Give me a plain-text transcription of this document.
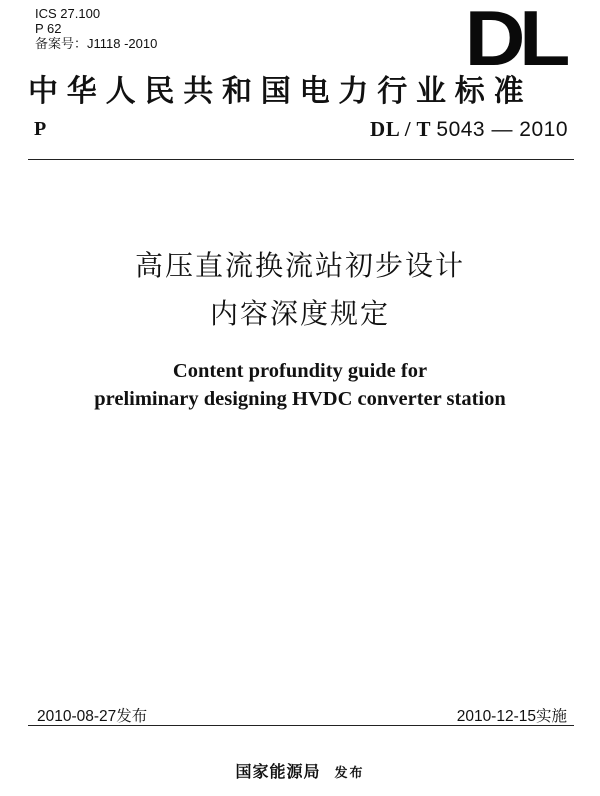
ICS 27.100
P 62
备案号：J1118 -2010	DL
中华人民共和国电力行业标准
P	DL / T 5043 — 2010
高压直流换流站初步设计
内容深度规定
Content profundity guide for
preliminary designing HVDC converter station
2010-08-27发布	2010-12-15实施
国家能源局 发布
